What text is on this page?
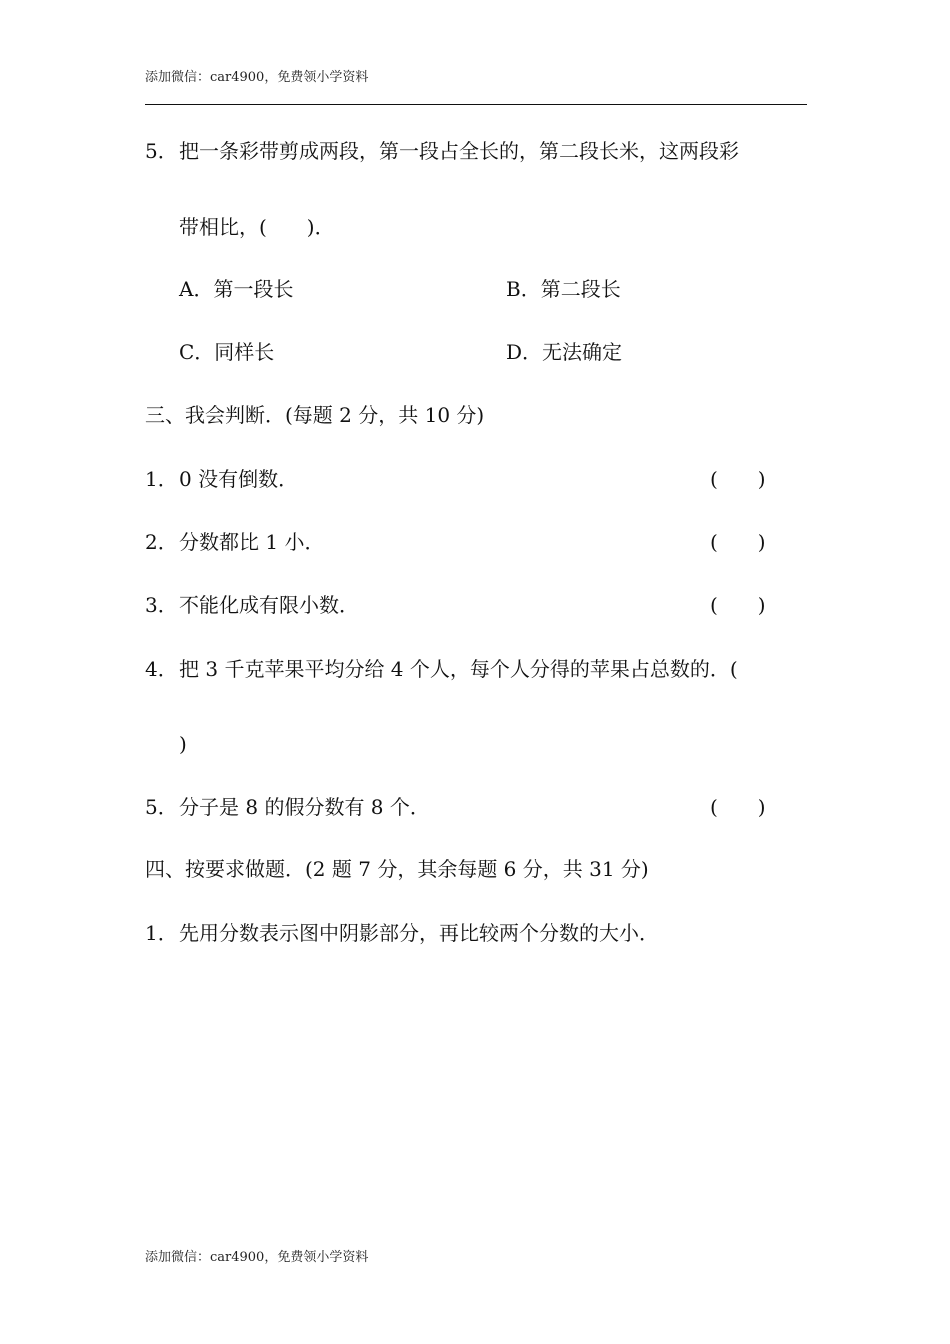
添加微信：car4900，免费领小学资料
5．把一条彩带剪成两段，第一段占全长的，第二段长米，这两段彩
带相比，(　　)．
A．第一段长	B．第二段长
C．同样长	D．无法确定
三、我会判断．(每题 2 分，共 10 分)
1．0 没有倒数．	(　　)
2．分数都比 1 小．	(　　)
3．不能化成有限小数．	(　　)
4．把 3 千克苹果平均分给 4 个人，每个人分得的苹果占总数的．(
)
5．分子是 8 的假分数有 8 个．	(　　)
四、按要求做题．(2 题 7 分，其余每题 6 分，共 31 分)
1．先用分数表示图中阴影部分，再比较两个分数的大小．
添加微信：car4900，免费领小学资料
